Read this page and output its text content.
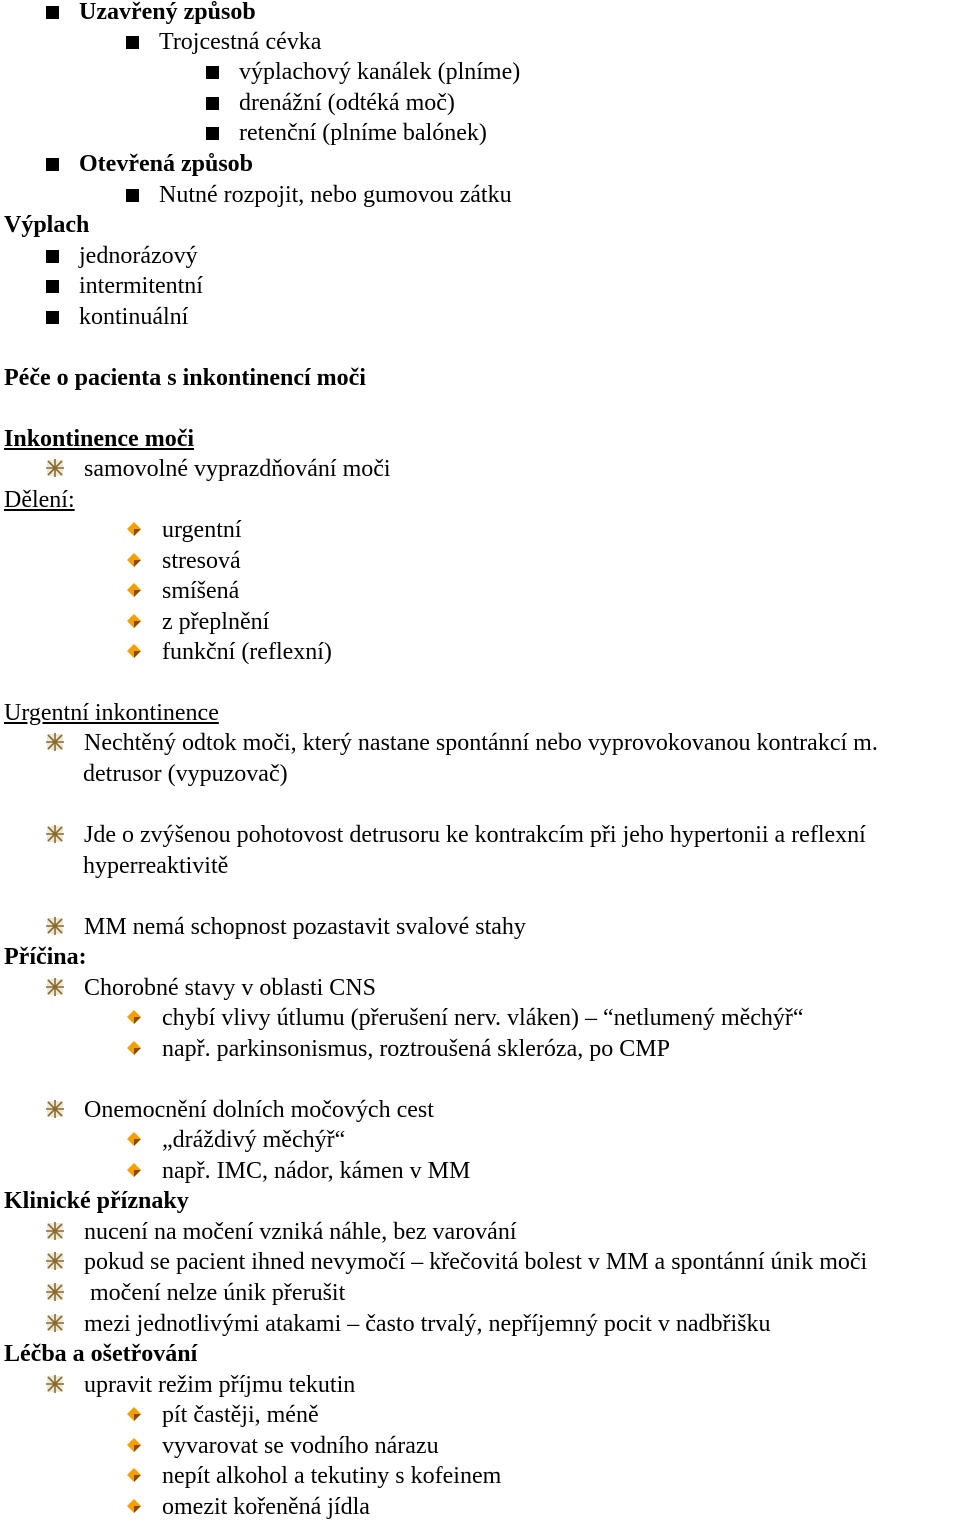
Uzavřený způsob
Trojcestná cévka
výplachový kanálek (plníme)
drenážní (odtéká moč)
retenční (plníme balónek)
Otevřená způsob
Nutné rozpojit, nebo gumovou zátku
Výplach
jednorázový
intermitentní
kontinuální
Péče o pacienta s inkontinencí moči
Inkontinence moči
samovolné vyprazdňování moči
Dělení:
urgentní
stresová
smíšená
z přeplnění
funkční (reflexní)
Urgentní inkontinence
Nechtěný odtok moči, který nastane spontánní nebo vyprovokovanou kontrakcí m.
detrusor (vypuzovač)
Jde o zvýšenou pohotovost detrusoru ke kontrakcím při jeho hypertonii a reflexní
hyperreaktivitě
MM nemá schopnost pozastavit svalové stahy
Příčina:
Chorobné stavy v oblasti CNS
chybí vlivy útlumu (přerušení nerv. vláken) – “netlumený měchýř“
např. parkinsonismus, roztroušená skleróza, po CMP
Onemocnění dolních močových cest
„dráždivý měchýř“
např. IMC, nádor, kámen v MM
Klinické příznaky
nucení na močení vzniká náhle, bez varování
pokud se pacient ihned nevymočí – křečovitá bolest v MM a spontánní únik moči
močení nelze únik přerušit
mezi jednotlivými atakami – často trvalý, nepříjemný pocit v nadbřišku
Léčba a ošetřování
upravit režim příjmu tekutin
pít častěji, méně
vyvarovat se vodního nárazu
nepít alkohol a tekutiny s kofeinem
omezit kořeněná jídla
